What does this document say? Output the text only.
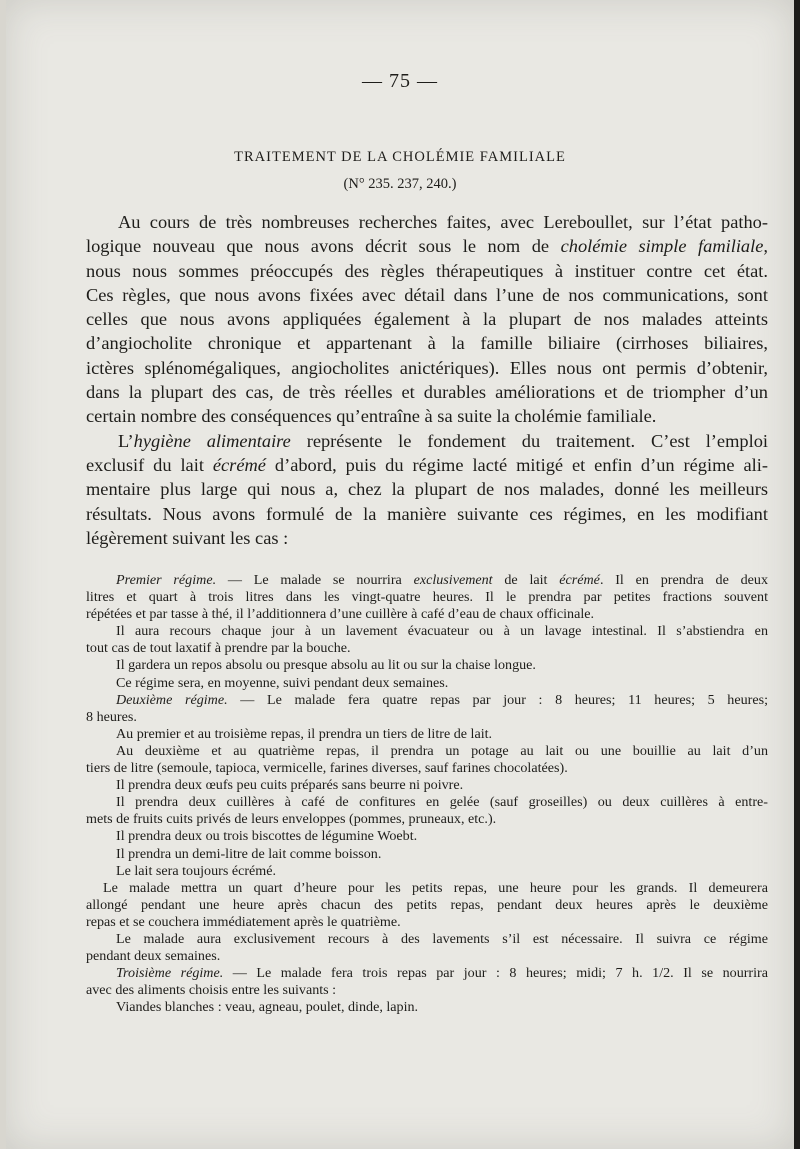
— 75 —
TRAITEMENT DE LA CHOLÉMIE FAMILIALE
(N° 235. 237, 240.)
Au cours de très nombreuses recherches faites, avec Lereboullet, sur l’état patho-
logique nouveau que nous avons décrit sous le nom de cholémie simple familiale,
nous nous sommes préoccupés des règles thérapeutiques à instituer contre cet état.
Ces règles, que nous avons fixées avec détail dans l’une de nos communications, sont
celles que nous avons appliquées également à la plupart de nos malades atteints
d’angiocholite chronique et appartenant à la famille biliaire (cirrhoses biliaires,
ictères splénomégaliques, angiocholites anictériques). Elles nous ont permis d’obtenir,
dans la plupart des cas, de très réelles et durables améliorations et de triompher d’un
certain nombre des conséquences qu’entraîne à sa suite la cholémie familiale.
L’hygiène alimentaire représente le fondement du traitement. C’est l’emploi
exclusif du lait écrémé d’abord, puis du régime lacté mitigé et enfin d’un régime ali-
mentaire plus large qui nous a, chez la plupart de nos malades, donné les meilleurs
résultats. Nous avons formulé de la manière suivante ces régimes, en les modifiant
légèrement suivant les cas :
Premier régime. — Le malade se nourrira exclusivement de lait écrémé. Il en prendra de deux
litres et quart à trois litres dans les vingt-quatre heures. Il le prendra par petites fractions souvent
répétées et par tasse à thé, il l’additionnera d’une cuillère à café d’eau de chaux officinale.
Il aura recours chaque jour à un lavement évacuateur ou à un lavage intestinal. Il s’abstiendra en
tout cas de tout laxatif à prendre par la bouche.
Il gardera un repos absolu ou presque absolu au lit ou sur la chaise longue.
Ce régime sera, en moyenne, suivi pendant deux semaines.
Deuxième régime. — Le malade fera quatre repas par jour : 8 heures; 11 heures; 5 heures;
8 heures.
Au premier et au troisième repas, il prendra un tiers de litre de lait.
Au deuxième et au quatrième repas, il prendra un potage au lait ou une bouillie au lait d’un
tiers de litre (semoule, tapioca, vermicelle, farines diverses, sauf farines chocolatées).
Il prendra deux œufs peu cuits préparés sans beurre ni poivre.
Il prendra deux cuillères à café de confitures en gelée (sauf groseilles) ou deux cuillères à entre-
mets de fruits cuits privés de leurs enveloppes (pommes, pruneaux, etc.).
Il prendra deux ou trois biscottes de légumine Woebt.
Il prendra un demi-litre de lait comme boisson.
Le lait sera toujours écrémé.
Le malade mettra un quart d’heure pour les petits repas, une heure pour les grands. Il demeurera
allongé pendant une heure après chacun des petits repas, pendant deux heures après le deuxième
repas et se couchera immédiatement après le quatrième.
Le malade aura exclusivement recours à des lavements s’il est nécessaire. Il suivra ce régime
pendant deux semaines.
Troisième régime. — Le malade fera trois repas par jour : 8 heures; midi; 7 h. 1/2. Il se nourrira
avec des aliments choisis entre les suivants :
Viandes blanches : veau, agneau, poulet, dinde, lapin.
